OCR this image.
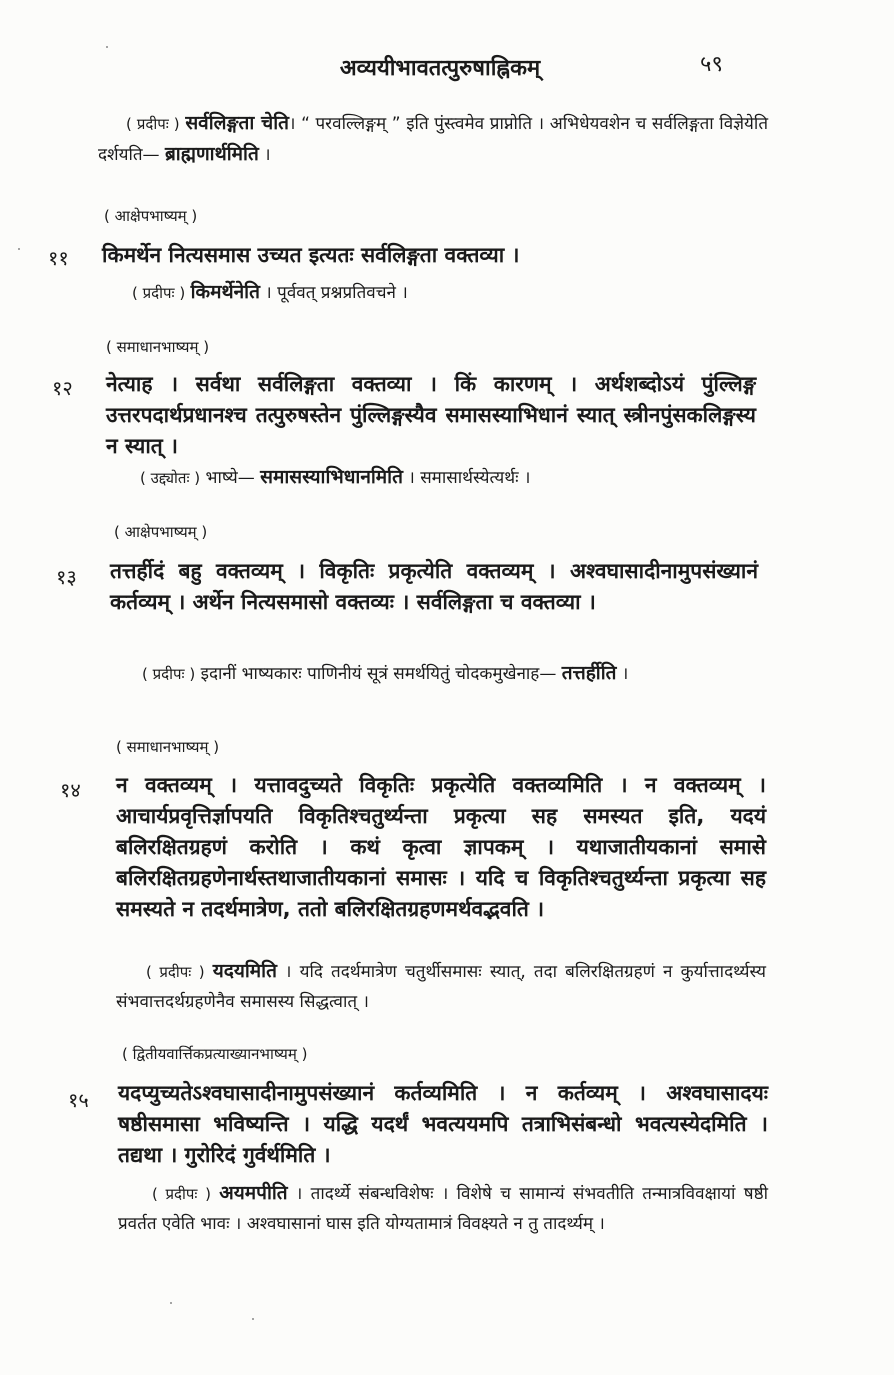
अव्ययीभावतत्पुरुषाह्निकम्	५९
( प्रदीपः ) सर्वलिङ्गता चेति। “ परवल्लिङ्गम् ” इति पुंस्त्वमेव प्राप्नोति । अभिधेयवशेन च सर्वलिङ्गता विज्ञेयेति दर्शयति— ब्राह्मणार्थमिति ।
( आक्षेपभाष्यम् )
११ किमर्थेन नित्यसमास उच्यत इत्यतः सर्वलिङ्गता वक्तव्या ।
( प्रदीपः ) किमर्थेनेति । पूर्ववत् प्रश्नप्रतिवचने ।
( समाधानभाष्यम् )
१२ नेत्याह । सर्वथा सर्वलिङ्गता वक्तव्या । किं कारणम् । अर्थशब्दोऽयं पुंल्लिङ्ग उत्तरपदार्थप्रधानश्च तत्पुरुषस्तेन पुंल्लिङ्गस्यैव समासस्याभिधानं स्यात् स्त्रीनपुंसकलिङ्गस्य न स्यात् ।
( उद्द्योतः ) भाष्ये— समासस्याभिधानमिति । समासार्थस्येत्यर्थः ।
( आक्षेपभाष्यम् )
१३ तत्तर्हीदं बहु वक्तव्यम् । विकृतिः प्रकृत्येति वक्तव्यम् । अश्वघासादीनामुपसंख्यानं कर्तव्यम् । अर्थेन नित्यसमासो वक्तव्यः । सर्वलिङ्गता च वक्तव्या ।
( प्रदीपः ) इदानीं भाष्यकारः पाणिनीयं सूत्रं समर्थयितुं चोदकमुखेनाह— तत्तर्हीति ।
( समाधानभाष्यम् )
१४ न वक्तव्यम् । यत्तावदुच्यते विकृतिः प्रकृत्येति वक्तव्यमिति । न वक्तव्यम् । आचार्यप्रवृत्तिर्ज्ञापयति विकृतिश्चतुर्थ्यन्ता प्रकृत्या सह समस्यत इति, यदयं बलिरक्षितग्रहणं करोति । कथं कृत्वा ज्ञापकम् । यथाजातीयकानां समासे बलिरक्षितग्रहणेनार्थस्तथाजातीयकानां समासः । यदि च विकृतिश्चतुर्थ्यन्ता प्रकृत्या सह समस्यते न तदर्थमात्रेण, ततो बलिरक्षितग्रहणमर्थवद्भवति ।
( प्रदीपः ) यदयमिति । यदि तदर्थमात्रेण चतुर्थीसमासः स्यात्, तदा बलिरक्षितग्रहणं न कुर्यात्तादर्थ्यस्य संभवात्तदर्थग्रहणेनैव समासस्य सिद्धत्वात् ।
( द्वितीयवार्त्तिकप्रत्याख्यानभाष्यम् )
१५ यदप्युच्यतेऽश्वघासादीनामुपसंख्यानं कर्तव्यमिति । न कर्तव्यम् । अश्वघासादयः षष्ठीसमासा भविष्यन्ति । यद्धि यदर्थं भवत्ययमपि तत्राभिसंबन्धो भवत्यस्येदमिति । तद्यथा । गुरोरिदं गुर्वर्थमिति ।
( प्रदीपः ) अयमपीति । तादर्थ्ये संबन्धविशेषः । विशेषे च सामान्यं संभवतीति तन्मात्रविवक्षायां षष्ठी प्रवर्तत एवेति भावः । अश्वघासानां घास इति योग्यतामात्रं विवक्ष्यते न तु तादर्थ्यम् ।
